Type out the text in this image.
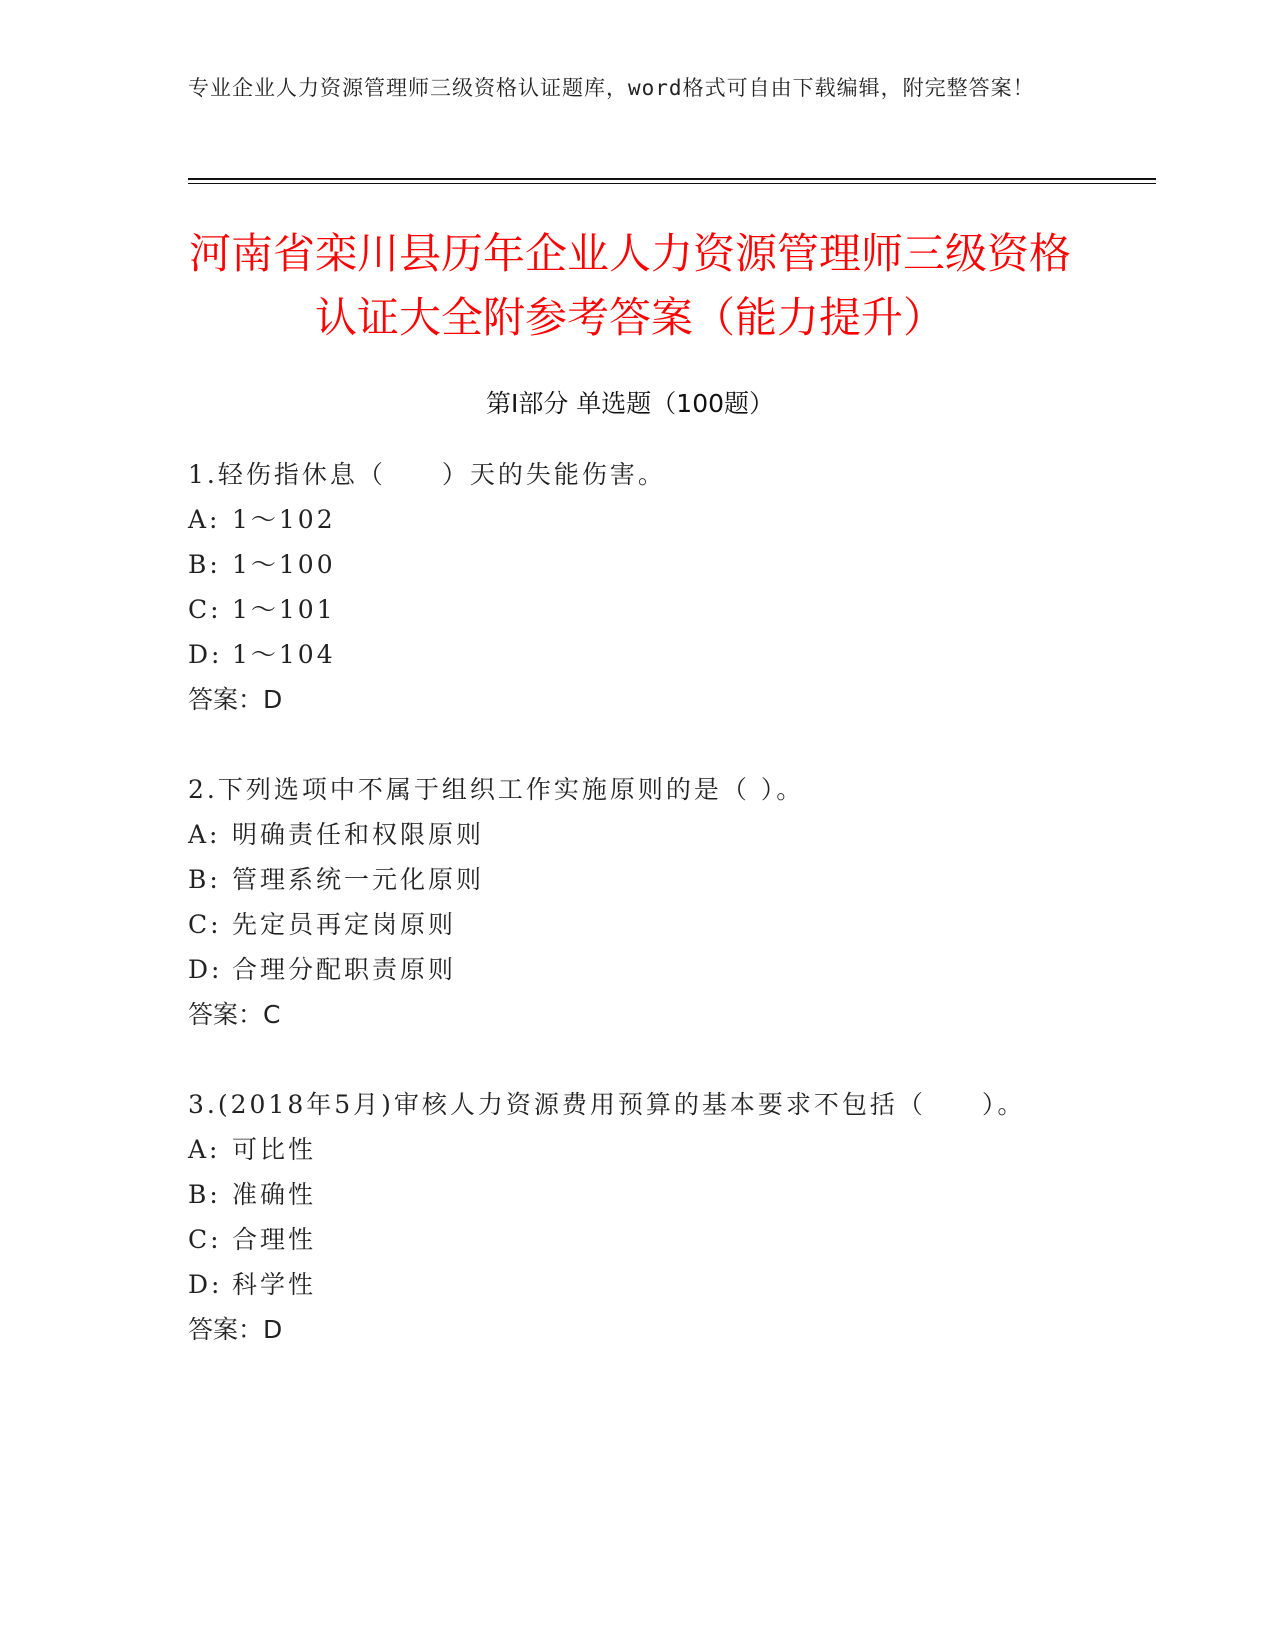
专业企业人力资源管理师三级资格认证题库，word格式可自由下载编辑，附完整答案！
河南省栾川县历年企业人力资源管理师三级资格认证大全附参考答案（能力提升）
第Ⅰ部分 单选题（100题）
1.轻伤指休息（　　）天的失能伤害。
A: 1～102
B: 1～100
C: 1～101
D: 1～104
答案：D
2.下列选项中不属于组织工作实施原则的是（ ）。
A: 明确责任和权限原则
B: 管理系统一元化原则
C: 先定员再定岗原则
D: 合理分配职责原则
答案：C
3.(2018年5月)审核人力资源费用预算的基本要求不包括（　　）。
A: 可比性
B: 准确性
C: 合理性
D: 科学性
答案：D
